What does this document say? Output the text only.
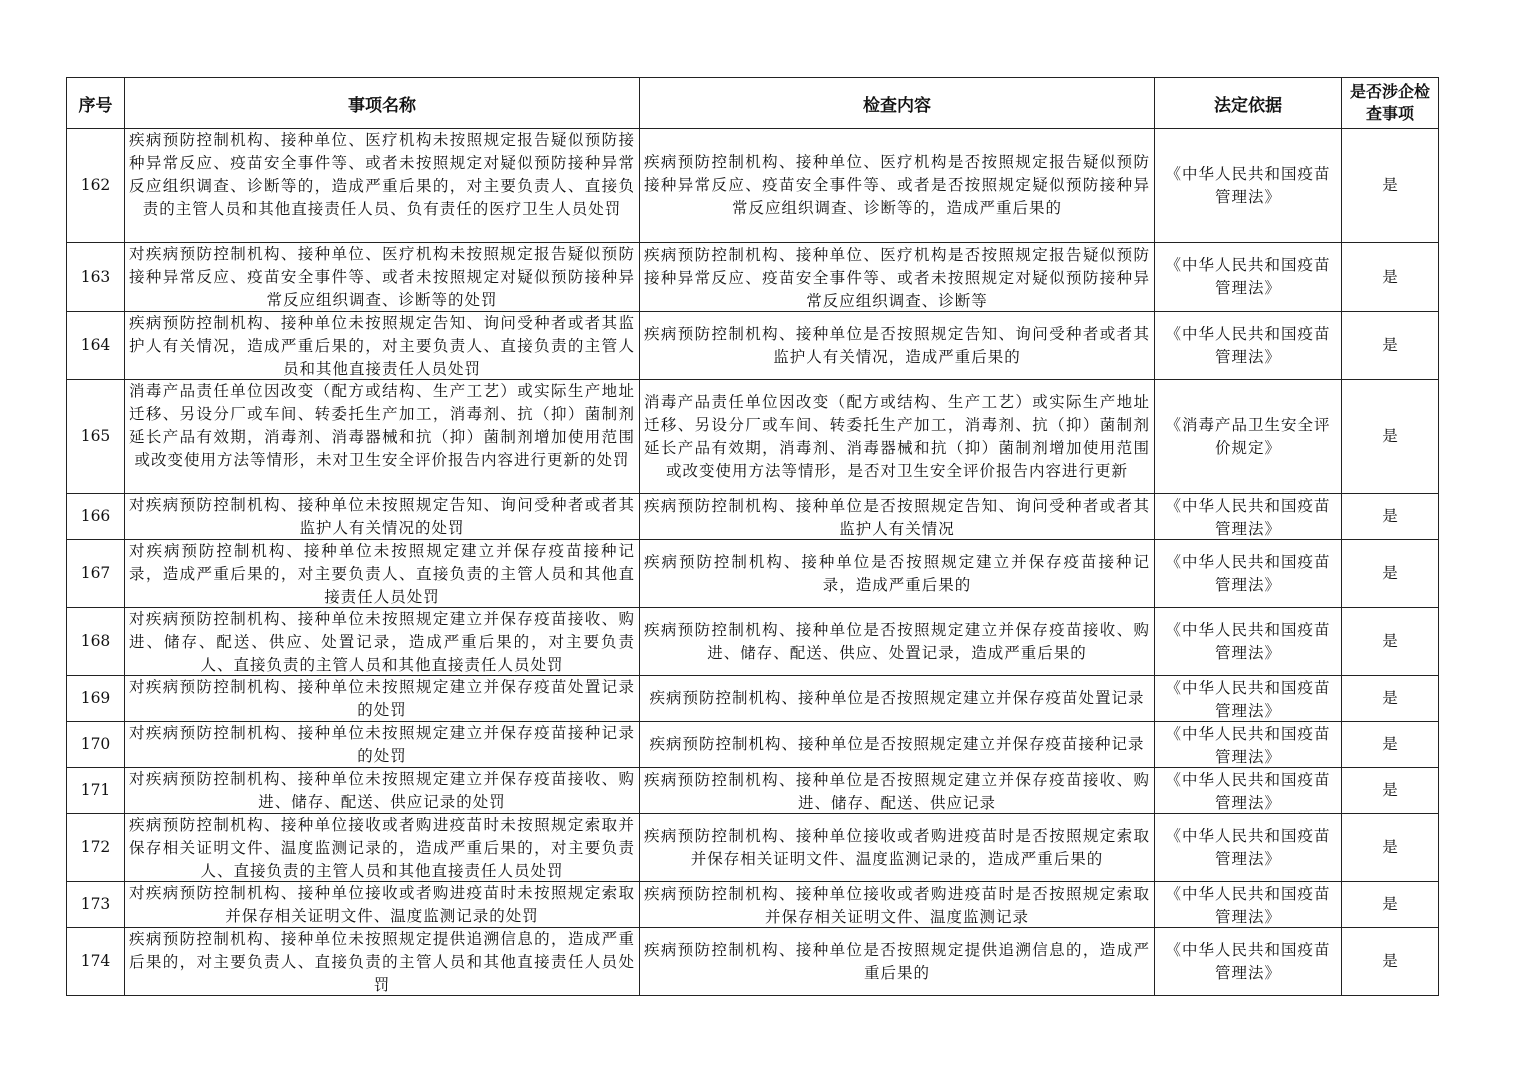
序号	事项名称	检查内容	法定依据	是否涉企检查事项

162	疾病预防控制机构、接种单位、医疗机构未按照规定报告疑似预防接种异常反应、疫苗安全事件等、或者未按照规定对疑似预防接种异常反应组织调查、诊断等的，造成严重后果的，对主要负责人、直接负责的主管人员和其他直接责任人员、负有责任的医疗卫生人员处罚	疾病预防控制机构、接种单位、医疗机构是否按照规定报告疑似预防接种异常反应、疫苗安全事件等、或者是否按照规定疑似预防接种异常反应组织调查、诊断等的，造成严重后果的	《中华人民共和国疫苗管理法》	是

163	对疾病预防控制机构、接种单位、医疗机构未按照规定报告疑似预防接种异常反应、疫苗安全事件等、或者未按照规定对疑似预防接种异常反应组织调查、诊断等的处罚	疾病预防控制机构、接种单位、医疗机构是否按照规定报告疑似预防接种异常反应、疫苗安全事件等、或者未按照规定对疑似预防接种异常反应组织调查、诊断等	《中华人民共和国疫苗管理法》	是

164	疾病预防控制机构、接种单位未按照规定告知、询问受种者或者其监护人有关情况，造成严重后果的，对主要负责人、直接负责的主管人员和其他直接责任人员处罚	疾病预防控制机构、接种单位是否按照规定告知、询问受种者或者其监护人有关情况，造成严重后果的	《中华人民共和国疫苗管理法》	是

165	消毒产品责任单位因改变（配方或结构、生产工艺）或实际生产地址迁移、另设分厂或车间、转委托生产加工，消毒剂、抗（抑）菌制剂延长产品有效期，消毒剂、消毒器械和抗（抑）菌制剂增加使用范围或改变使用方法等情形，未对卫生安全评价报告内容进行更新的处罚	消毒产品责任单位因改变（配方或结构、生产工艺）或实际生产地址迁移、另设分厂或车间、转委托生产加工，消毒剂、抗（抑）菌制剂延长产品有效期，消毒剂、消毒器械和抗（抑）菌制剂增加使用范围或改变使用方法等情形，是否对卫生安全评价报告内容进行更新	《消毒产品卫生安全评价规定》	是

166	对疾病预防控制机构、接种单位未按照规定告知、询问受种者或者其监护人有关情况的处罚	疾病预防控制机构、接种单位是否按照规定告知、询问受种者或者其监护人有关情况	《中华人民共和国疫苗管理法》	是

167	对疾病预防控制机构、接种单位未按照规定建立并保存疫苗接种记录，造成严重后果的，对主要负责人、直接负责的主管人员和其他直接责任人员处罚	疾病预防控制机构、接种单位是否按照规定建立并保存疫苗接种记录，造成严重后果的	《中华人民共和国疫苗管理法》	是

168	对疾病预防控制机构、接种单位未按照规定建立并保存疫苗接收、购进、储存、配送、供应、处置记录，造成严重后果的，对主要负责人、直接负责的主管人员和其他直接责任人员处罚	疾病预防控制机构、接种单位是否按照规定建立并保存疫苗接收、购进、储存、配送、供应、处置记录，造成严重后果的	《中华人民共和国疫苗管理法》	是

169	对疾病预防控制机构、接种单位未按照规定建立并保存疫苗处置记录的处罚	疾病预防控制机构、接种单位是否按照规定建立并保存疫苗处置记录	《中华人民共和国疫苗管理法》	是

170	对疾病预防控制机构、接种单位未按照规定建立并保存疫苗接种记录的处罚	疾病预防控制机构、接种单位是否按照规定建立并保存疫苗接种记录	《中华人民共和国疫苗管理法》	是

171	对疾病预防控制机构、接种单位未按照规定建立并保存疫苗接收、购进、储存、配送、供应记录的处罚	疾病预防控制机构、接种单位是否按照规定建立并保存疫苗接收、购进、储存、配送、供应记录	《中华人民共和国疫苗管理法》	是

172	疾病预防控制机构、接种单位接收或者购进疫苗时未按照规定索取并保存相关证明文件、温度监测记录的，造成严重后果的，对主要负责人、直接负责的主管人员和其他直接责任人员处罚	疾病预防控制机构、接种单位接收或者购进疫苗时是否按照规定索取并保存相关证明文件、温度监测记录的，造成严重后果的	《中华人民共和国疫苗管理法》	是

173	对疾病预防控制机构、接种单位接收或者购进疫苗时未按照规定索取并保存相关证明文件、温度监测记录的处罚	疾病预防控制机构、接种单位接收或者购进疫苗时是否按照规定索取并保存相关证明文件、温度监测记录	《中华人民共和国疫苗管理法》	是

174	疾病预防控制机构、接种单位未按照规定提供追溯信息的，造成严重后果的，对主要负责人、直接负责的主管人员和其他直接责任人员处罚	疾病预防控制机构、接种单位是否按照规定提供追溯信息的，造成严重后果的	《中华人民共和国疫苗管理法》	是
